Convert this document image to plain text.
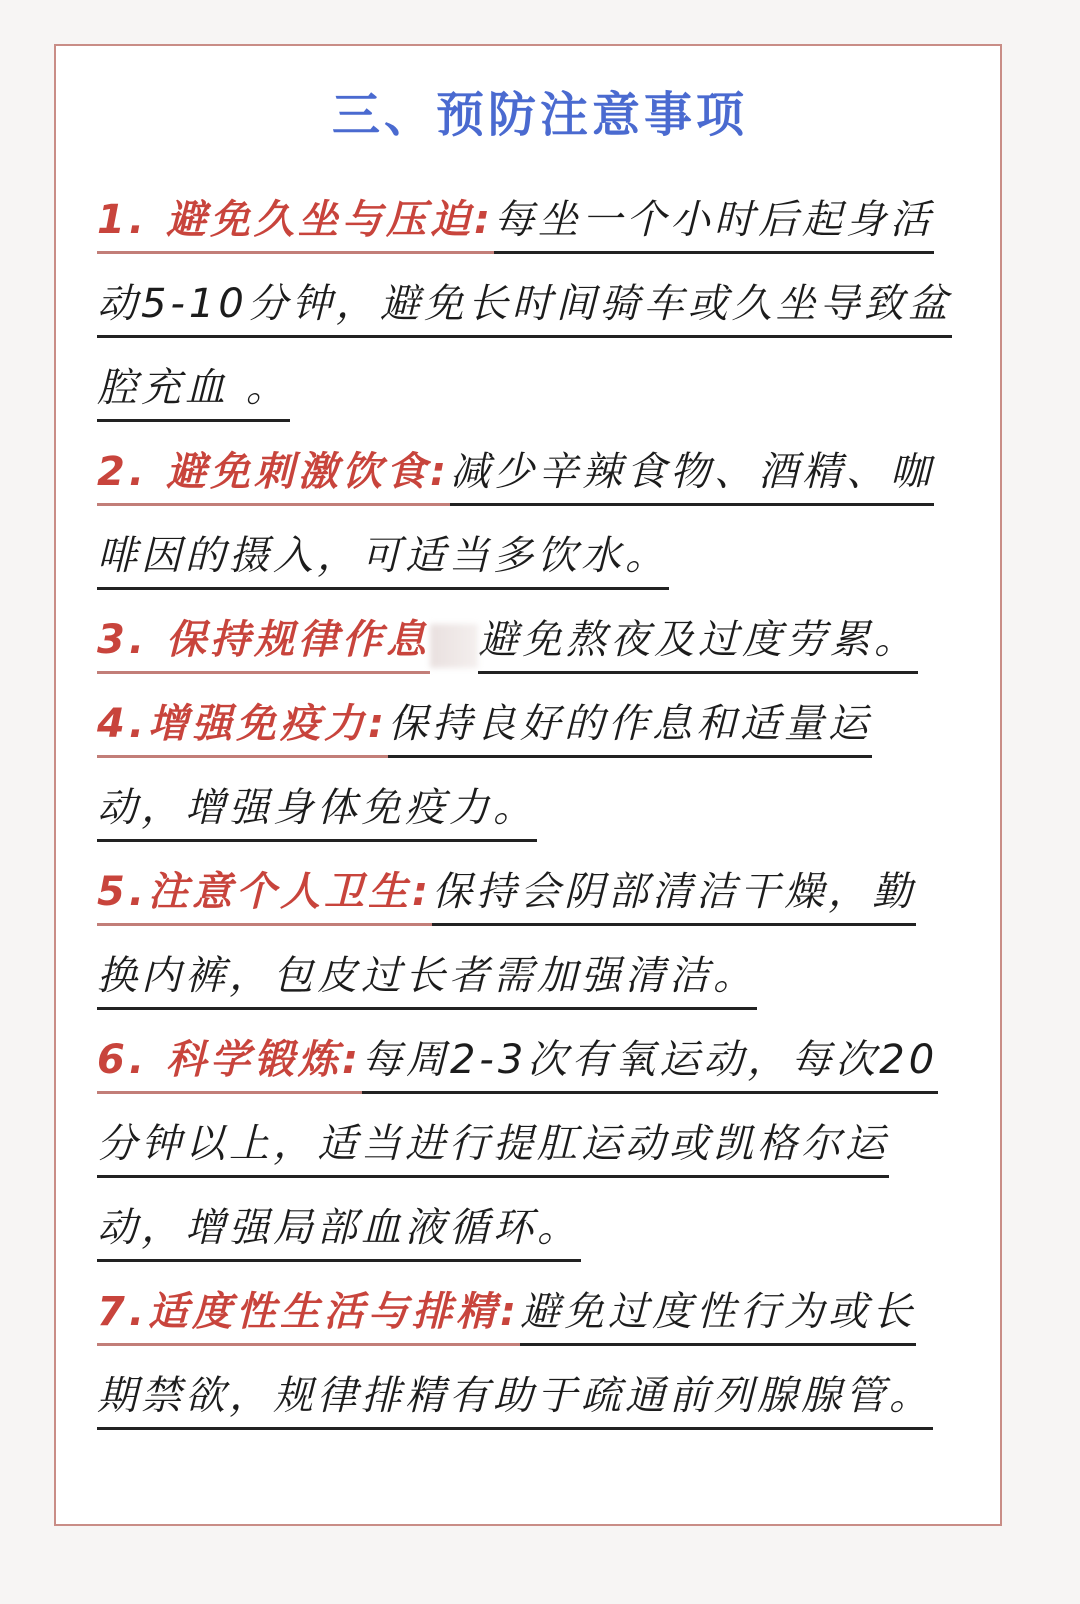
三、预防注意事项
1. 避免久坐与压迫:每坐一个小时后起身活
动5-10分钟，避免长时间骑车或久坐导致盆
腔充血 。
2. 避免刺激饮食:减少辛辣食物、酒精、咖
啡因的摄入，可适当多饮水。
3. 保持规律作息 避免熬夜及过度劳累。
4.增强免疫力:保持良好的作息和适量运
动，增强身体免疫力。
5.注意个人卫生:保持会阴部清洁干燥，勤
换内裤，包皮过长者需加强清洁。
6. 科学锻炼:每周2-3次有氧运动，每次20
分钟以上，适当进行提肛运动或凯格尔运
动，增强局部血液循环。
7.适度性生活与排精:避免过度性行为或长
期禁欲，规律排精有助于疏通前列腺腺管。
